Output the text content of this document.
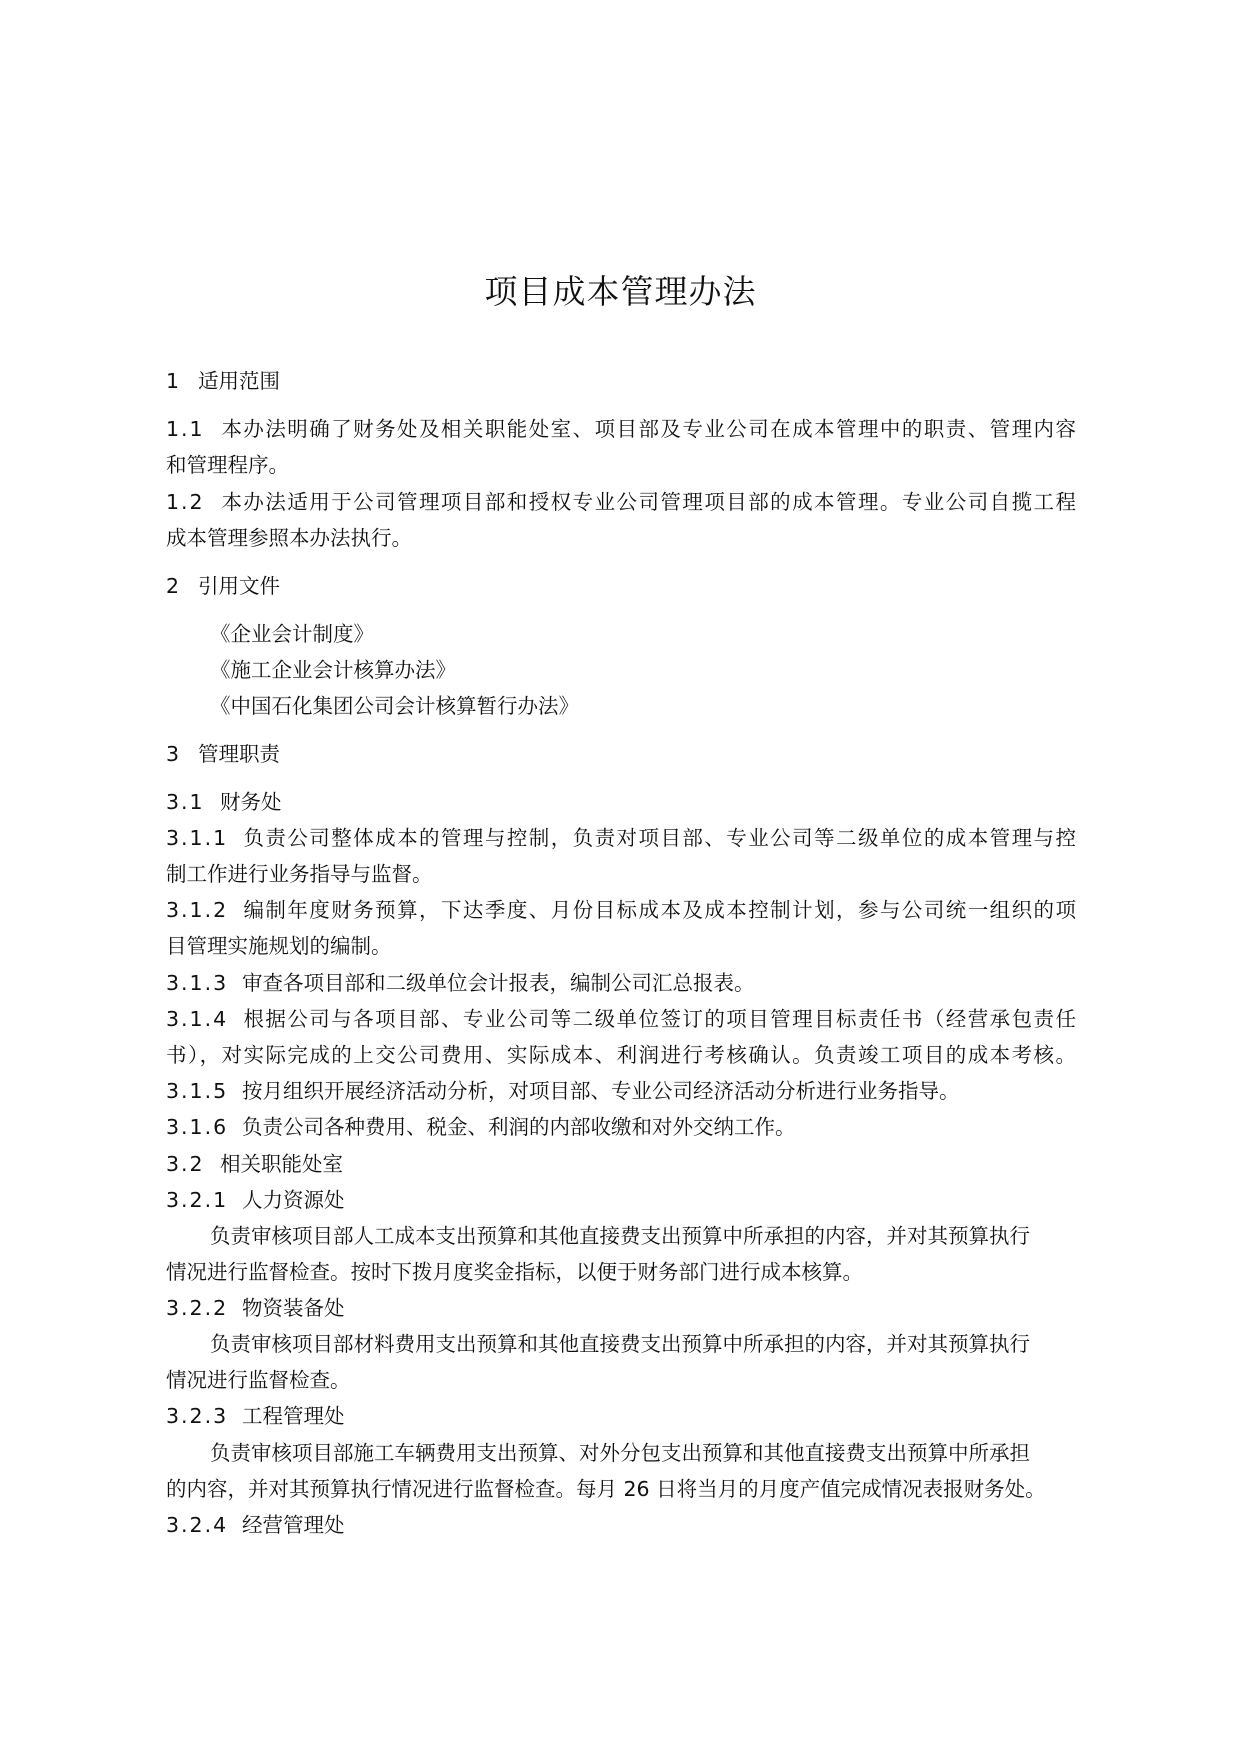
项目成本管理办法
1 适用范围
1.1 本办法明确了财务处及相关职能处室、项目部及专业公司在成本管理中的职责、管理内容
和管理程序。
1.2 本办法适用于公司管理项目部和授权专业公司管理项目部的成本管理。专业公司自揽工程
成本管理参照本办法执行。
2 引用文件
《企业会计制度》
《施工企业会计核算办法》
《中国石化集团公司会计核算暂行办法》
3 管理职责
3.1 财务处
3.1.1 负责公司整体成本的管理与控制，负责对项目部、专业公司等二级单位的成本管理与控
制工作进行业务指导与监督。
3.1.2 编制年度财务预算，下达季度、月份目标成本及成本控制计划，参与公司统一组织的项
目管理实施规划的编制。
3.1.3 审查各项目部和二级单位会计报表，编制公司汇总报表。
3.1.4 根据公司与各项目部、专业公司等二级单位签订的项目管理目标责任书（经营承包责任
书），对实际完成的上交公司费用、实际成本、利润进行考核确认。负责竣工项目的成本考核。
3.1.5 按月组织开展经济活动分析，对项目部、专业公司经济活动分析进行业务指导。
3.1.6 负责公司各种费用、税金、利润的内部收缴和对外交纳工作。
3.2 相关职能处室
3.2.1 人力资源处
负责审核项目部人工成本支出预算和其他直接费支出预算中所承担的内容，并对其预算执行
情况进行监督检查。按时下拨月度奖金指标，以便于财务部门进行成本核算。
3.2.2 物资装备处
负责审核项目部材料费用支出预算和其他直接费支出预算中所承担的内容，并对其预算执行
情况进行监督检查。
3.2.3 工程管理处
负责审核项目部施工车辆费用支出预算、对外分包支出预算和其他直接费支出预算中所承担
的内容，并对其预算执行情况进行监督检查。每月 26 日将当月的月度产值完成情况表报财务处。
3.2.4 经营管理处
